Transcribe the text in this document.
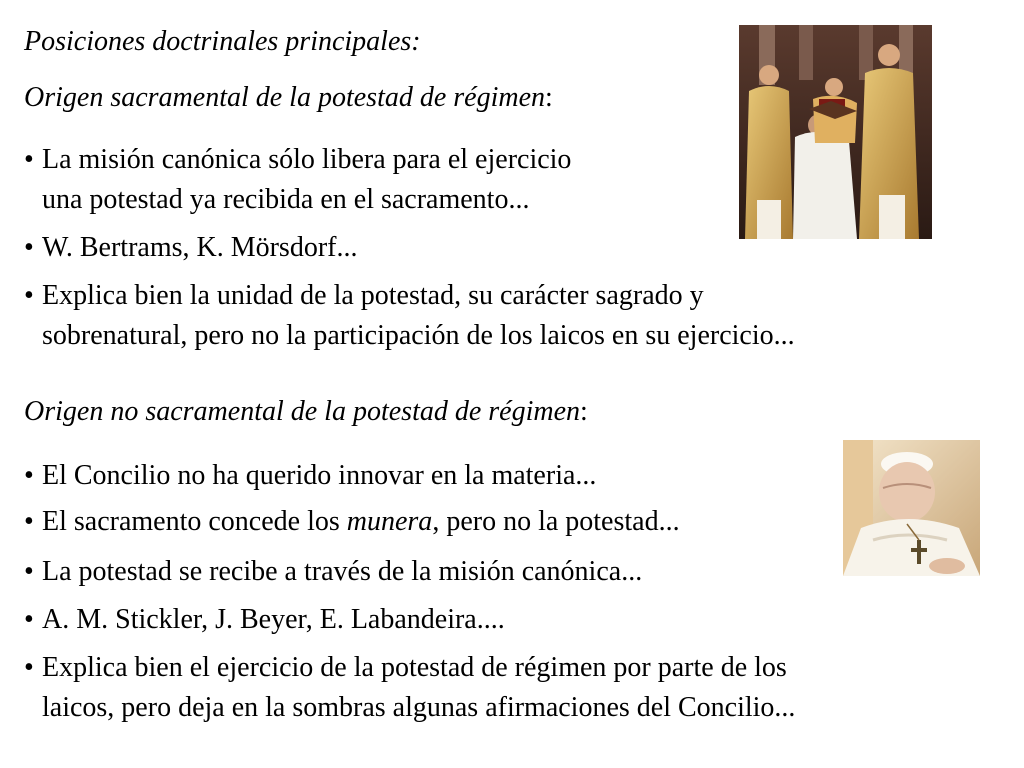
Posiciones doctrinales principales:
Origen sacramental de la potestad de régimen:
• La misión canónica sólo libera para el ejercicio
una potestad ya recibida en el sacramento...
• W. Bertrams, K. Mörsdorf...
• Explica bien la unidad de la potestad, su carácter sagrado y
sobrenatural, pero no la participación de los laicos en su ejercicio...
Origen no sacramental de la potestad de régimen:
• El Concilio no ha querido innovar en la materia...
• El sacramento concede los munera, pero no la potestad...
• La potestad se recibe a través de la misión canónica...
• A. M. Stickler, J. Beyer, E. Labandeira....
• Explica bien el ejercicio de la potestad de régimen por parte de los
laicos, pero deja en la sombras algunas afirmaciones del Concilio...
